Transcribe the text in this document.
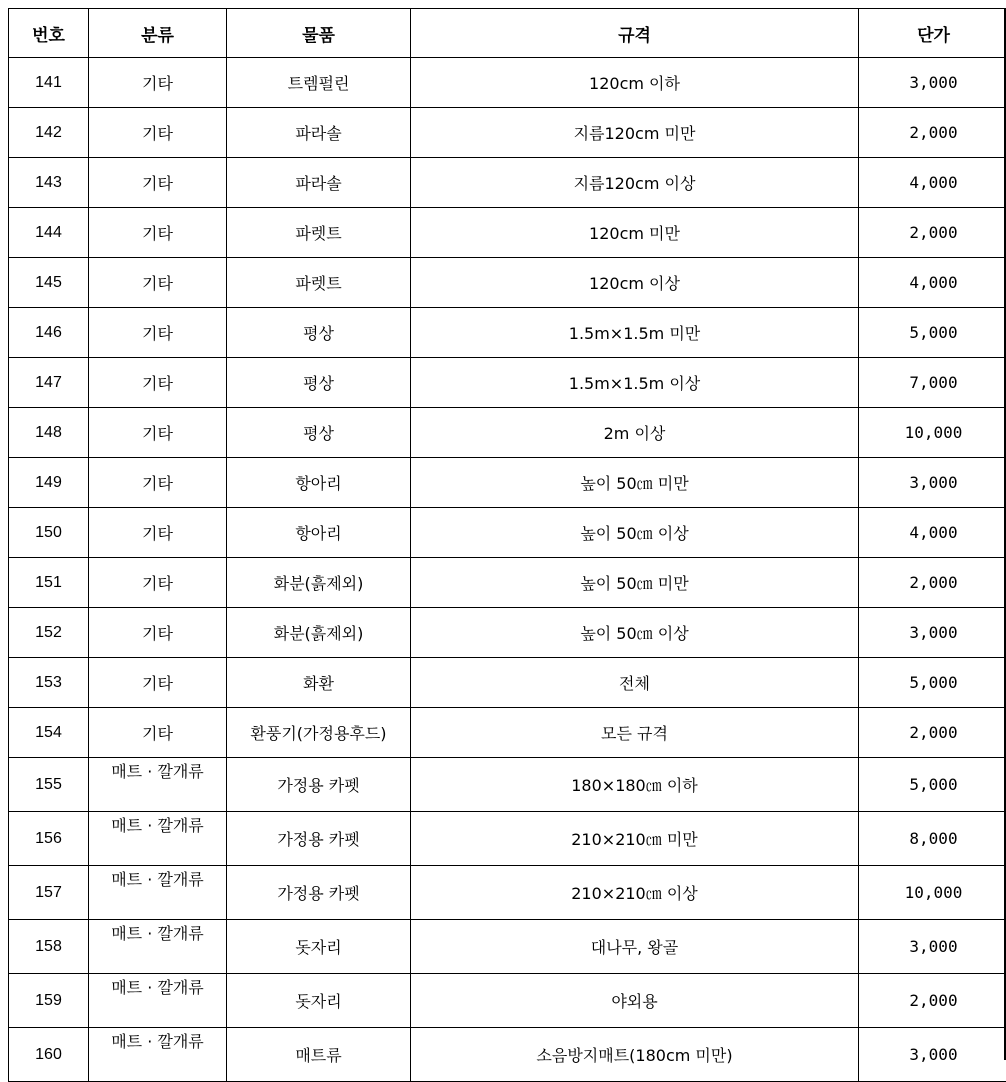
번호	분류	물품	규격	단가
141	기타	트렘펄린	120cm 이하	3,000
142	기타	파라솔	지름120cm 미만	2,000
143	기타	파라솔	지름120cm 이상	4,000
144	기타	파렛트	120cm 미만	2,000
145	기타	파렛트	120cm 이상	4,000
146	기타	평상	1.5m×1.5m 미만	5,000
147	기타	평상	1.5m×1.5m 이상	7,000
148	기타	평상	2m 이상	10,000
149	기타	항아리	높이 50㎝ 미만	3,000
150	기타	항아리	높이 50㎝ 이상	4,000
151	기타	화분(흙제외)	높이 50㎝ 미만	2,000
152	기타	화분(흙제외)	높이 50㎝ 이상	3,000
153	기타	화환	전체	5,000
154	기타	환풍기(가정용후드)	모든 규격	2,000
155	매트 · 깔개류	가정용 카펫	180×180㎝ 이하	5,000
156	매트 · 깔개류	가정용 카펫	210×210㎝ 미만	8,000
157	매트 · 깔개류	가정용 카펫	210×210㎝ 이상	10,000
158	매트 · 깔개류	돗자리	대나무, 왕골	3,000
159	매트 · 깔개류	돗자리	야외용	2,000
160	매트 · 깔개류	매트류	소음방지매트(180cm 미만)	3,000
